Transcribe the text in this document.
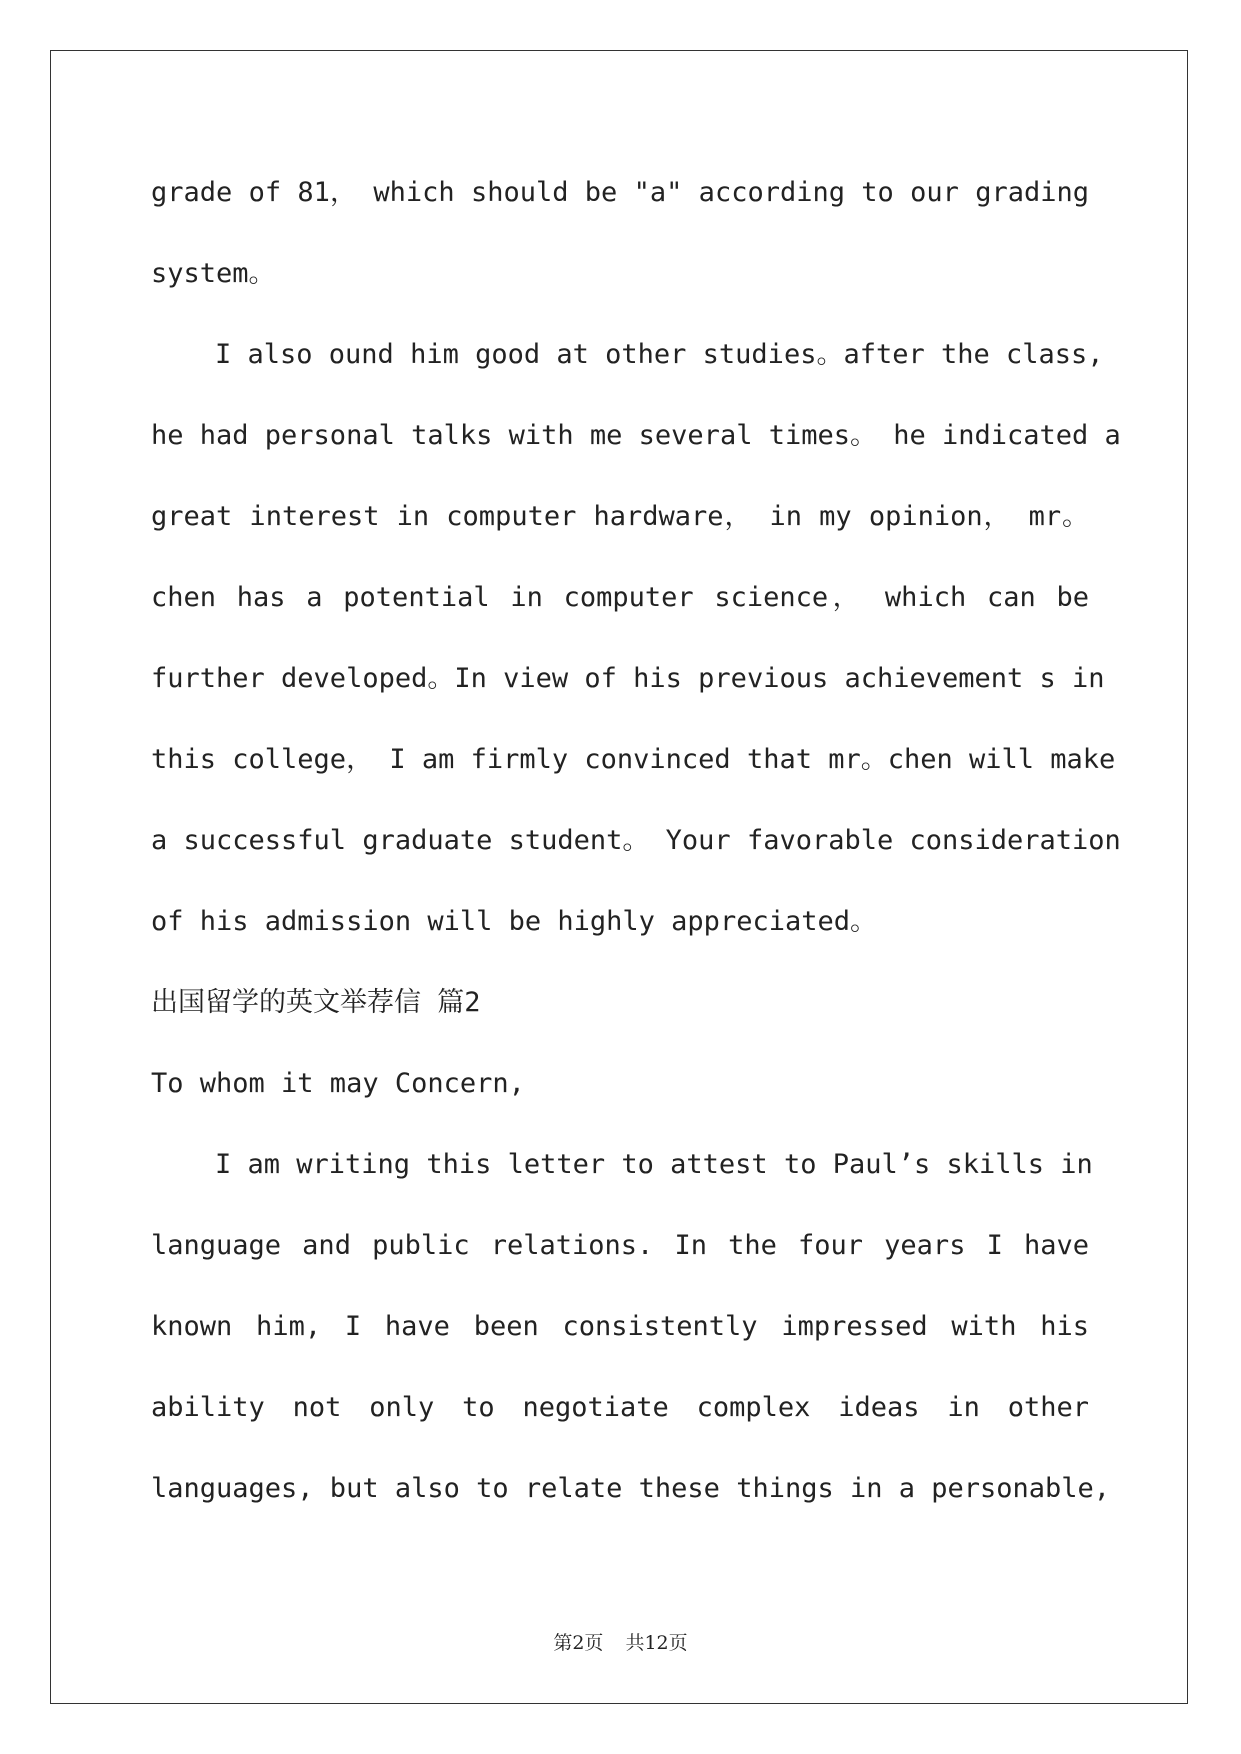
grade of 81， which should be "a" according to our grading
system。
I also ound him good at other studies。after the class,
he had personal talks with me several times。 he indicated a
great interest in computer hardware， in my opinion， mr。
chen has a potential in computer science， which can be
further developed。In view of his previous achievement s in
this college， I am firmly convinced that mr。chen will make
a successful graduate student。 Your favorable consideration
of his admission will be highly appreciated。
出国留学的英文举荐信 篇2
To whom it may Concern,
I am writing this letter to attest to Paul’s skills in
language and public relations. In the four years I have
known him, I have been consistently impressed with his
ability not only to negotiate complex ideas in other
languages, but also to relate these things in a personable,
第2页 共12页
